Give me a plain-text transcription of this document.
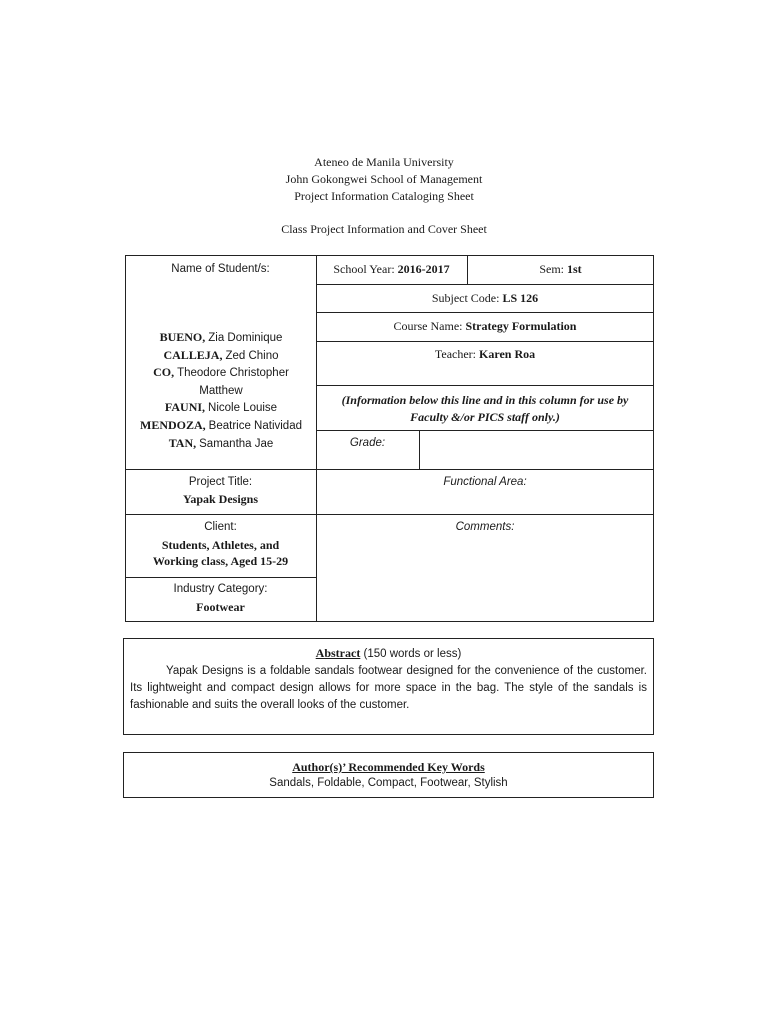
Ateneo de Manila University
John Gokongwei School of Management
Project Information Cataloging Sheet
Class Project Information and Cover Sheet
Name of Student/s:
BUENO, Zia Dominique
CALLEJA, Zed Chino
CO, Theodore Christopher
Matthew
FAUNI, Nicole Louise
MENDOZA, Beatrice Natividad
TAN, Samantha Jae
School Year: 2016-2017	Sem: 1st
Subject Code: LS 126
Course Name: Strategy Formulation
Teacher: Karen Roa
(Information below this line and in this column for use by Faculty &/or PICS staff only.)
Grade:
Project Title:
Yapak Designs
Functional Area:
Client:
Students, Athletes, and
Working class, Aged 15-29
Comments:
Industry Category:
Footwear
Abstract (150 words or less)
Yapak Designs is a foldable sandals footwear designed for the convenience of the customer. Its lightweight and compact design allows for more space in the bag. The style of the sandals is fashionable and suits the overall looks of the customer.
Author(s)’ Recommended Key Words
Sandals, Foldable, Compact, Footwear, Stylish
